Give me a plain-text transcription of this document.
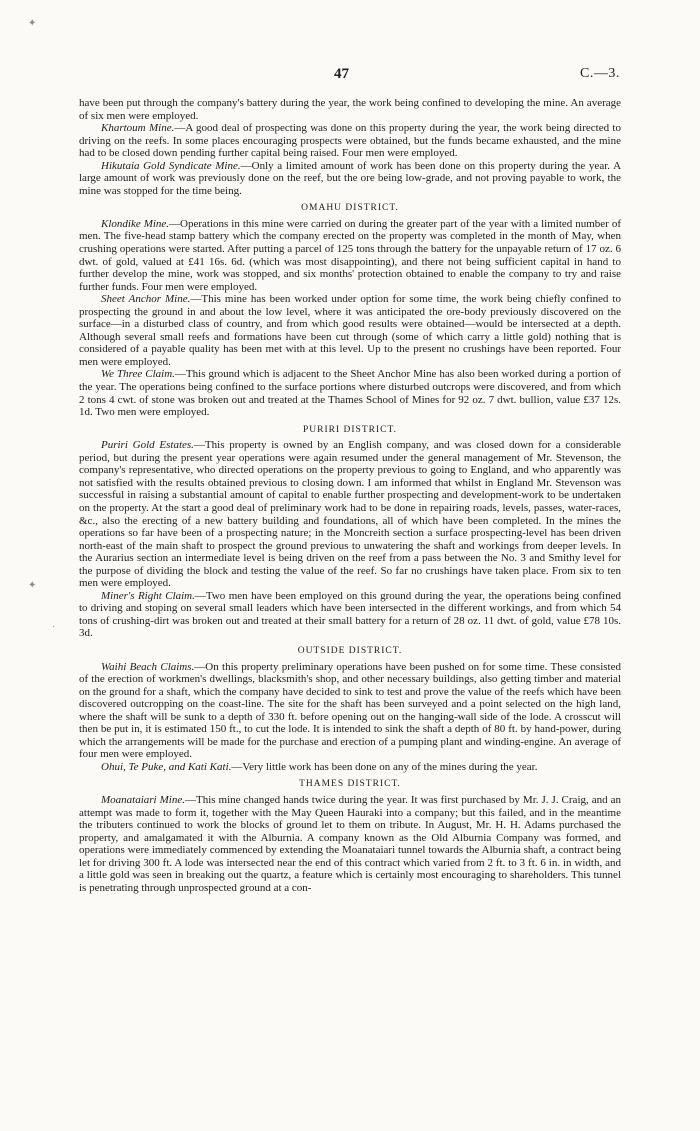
47	C.—3.
✦
✦
·

have been put through the company's battery during the year, the work being confined to developing the mine. An average of six men were employed.

Khartoum Mine.—A good deal of prospecting was done on this property during the year, the work being directed to driving on the reefs. In some places encouraging prospects were obtained, but the funds became exhausted, and the mine had to be closed down pending further capital being raised. Four men were employed.

Hikutaia Gold Syndicate Mine.—Only a limited amount of work has been done on this property during the year. A large amount of work was previously done on the reef, but the ore being low-grade, and not proving payable to work, the mine was stopped for the time being.

OMAHU DISTRICT.

Klondike Mine.—Operations in this mine were carried on during the greater part of the year with a limited number of men. The five-head stamp battery which the company erected on the property was completed in the month of May, when crushing operations were started. After putting a parcel of 125 tons through the battery for the unpayable return of 17 oz. 6 dwt. of gold, valued at £41 16s. 6d. (which was most disappointing), and there not being sufficient capital in hand to further develop the mine, work was stopped, and six months' protection obtained to enable the company to try and raise further funds. Four men were employed.

Sheet Anchor Mine.—This mine has been worked under option for some time, the work being chiefly confined to prospecting the ground in and about the low level, where it was anticipated the ore-body previously discovered on the surface—in a disturbed class of country, and from which good results were obtained—would be intersected at a depth. Although several small reefs and formations have been cut through (some of which carry a little gold) nothing that is considered of a payable quality has been met with at this level. Up to the present no crushings have been reported. Four men were employed.

We Three Claim.—This ground which is adjacent to the Sheet Anchor Mine has also been worked during a portion of the year. The operations being confined to the surface portions where disturbed outcrops were discovered, and from which 2 tons 4 cwt. of stone was broken out and treated at the Thames School of Mines for 92 oz. 7 dwt. bullion, value £37 12s. 1d. Two men were employed.

PURIRI DISTRICT.

Puriri Gold Estates.—This property is owned by an English company, and was closed down for a considerable period, but during the present year operations were again resumed under the general management of Mr. Stevenson, the company's representative, who directed operations on the property previous to going to England, and who apparently was not satisfied with the results obtained previous to closing down. I am informed that whilst in England Mr. Stevenson was successful in raising a substantial amount of capital to enable further prospecting and development-work to be undertaken on the property. At the start a good deal of preliminary work had to be done in repairing roads, levels, passes, water-races, &c., also the erecting of a new battery building and foundations, all of which have been completed. In the mines the operations so far have been of a prospecting nature; in the Moncreith section a surface prospecting-level has been driven north-east of the main shaft to prospect the ground previous to unwatering the shaft and workings from deeper levels. In the Aurarius section an intermediate level is being driven on the reef from a pass between the No. 3 and Smithy level for the purpose of dividing the block and testing the value of the reef. So far no crushings have taken place. From six to ten men were employed.

Miner's Right Claim.—Two men have been employed on this ground during the year, the operations being confined to driving and stoping on several small leaders which have been intersected in the different workings, and from which 54 tons of crushing-dirt was broken out and treated at their small battery for a return of 28 oz. 11 dwt. of gold, value £78 10s. 3d.

OUTSIDE DISTRICT.

Waihi Beach Claims.—On this property preliminary operations have been pushed on for some time. These consisted of the erection of workmen's dwellings, blacksmith's shop, and other necessary buildings, also getting timber and material on the ground for a shaft, which the company have decided to sink to test and prove the value of the reefs which have been discovered outcropping on the coast-line. The site for the shaft has been surveyed and a point selected on the high land, where the shaft will be sunk to a depth of 330 ft. before opening out on the hanging-wall side of the lode. A crosscut will then be put in, it is estimated 150 ft., to cut the lode. It is intended to sink the shaft a depth of 80 ft. by hand-power, during which the arrangements will be made for the purchase and erection of a pumping plant and winding-engine. An average of four men were employed.

Ohui, Te Puke, and Kati Kati.—Very little work has been done on any of the mines during the year.

THAMES DISTRICT.

Moanataiari Mine.—This mine changed hands twice during the year. It was first purchased by Mr. J. J. Craig, and an attempt was made to form it, together with the May Queen Hauraki into a company; but this failed, and in the meantime the tributers continued to work the blocks of ground let to them on tribute. In August, Mr. H. H. Adams purchased the property, and amalgamated it with the Alburnia. A company known as the Old Alburnia Company was formed, and operations were immediately commenced by extending the Moanataiari tunnel towards the Alburnia shaft, a contract being let for driving 300 ft. A lode was intersected near the end of this contract which varied from 2 ft. to 3 ft. 6 in. in width, and a little gold was seen in breaking out the quartz, a feature which is certainly most encouraging to shareholders. This tunnel is penetrating through unprospected ground at a con-
